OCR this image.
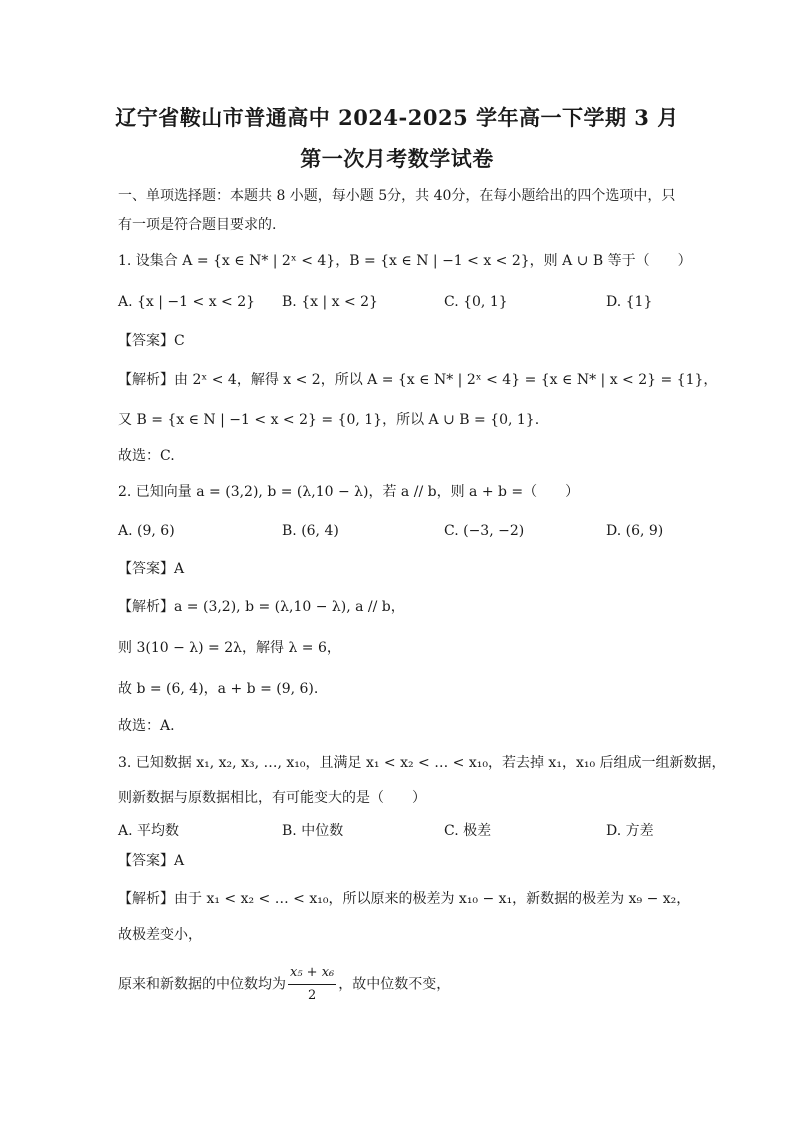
辽宁省鞍山市普通高中 2024-2025 学年高一下学期 3 月
第一次月考数学试卷
一、单项选择题：本题共 8 小题，每小题 5分，共 40分，在每小题给出的四个选项中，只
有一项是符合题目要求的.
1. 设集合 A = {x ∈ N* | 2ˣ < 4}，B = {x ∈ N | −1 < x < 2}，则 A ∪ B 等于（　　）
A. {x | −1 < x < 2} B. {x | x < 2}	C. {0, 1}	D. {1}
【答案】C
【解析】由 2ˣ < 4，解得 x < 2，所以 A = {x ∈ N* | 2ˣ < 4} = {x ∈ N* | x < 2} = {1}，
又 B = {x ∈ N | −1 < x < 2} = {0, 1}，所以 A ∪ B = {0, 1}.
故选：C.
2. 已知向量 a = (3,2), b = (λ,10 − λ)，若 a // b，则 a + b =（　　）
A. (9, 6)	B. (6, 4)	C. (−3, −2)	D. (6, 9)
【答案】A
【解析】a = (3,2), b = (λ,10 − λ), a // b，
则 3(10 − λ) = 2λ，解得 λ = 6，
故 b = (6, 4)，a + b = (9, 6).
故选：A.
3. 已知数据 x₁, x₂, x₃, …, x₁₀，且满足 x₁ < x₂ < … < x₁₀，若去掉 x₁，x₁₀ 后组成一组新数据，
则新数据与原数据相比，有可能变大的是（　　）
A. 平均数	B. 中位数	C. 极差	D. 方差
【答案】A
【解析】由于 x₁ < x₂ < … < x₁₀，所以原来的极差为 x₁₀ − x₁，新数据的极差为 x₉ − x₂，
故极差变小，
原来和新数据的中位数均为 $\frac{\text{x₅ + x₆}}{2}$ ，故中位数不变，
